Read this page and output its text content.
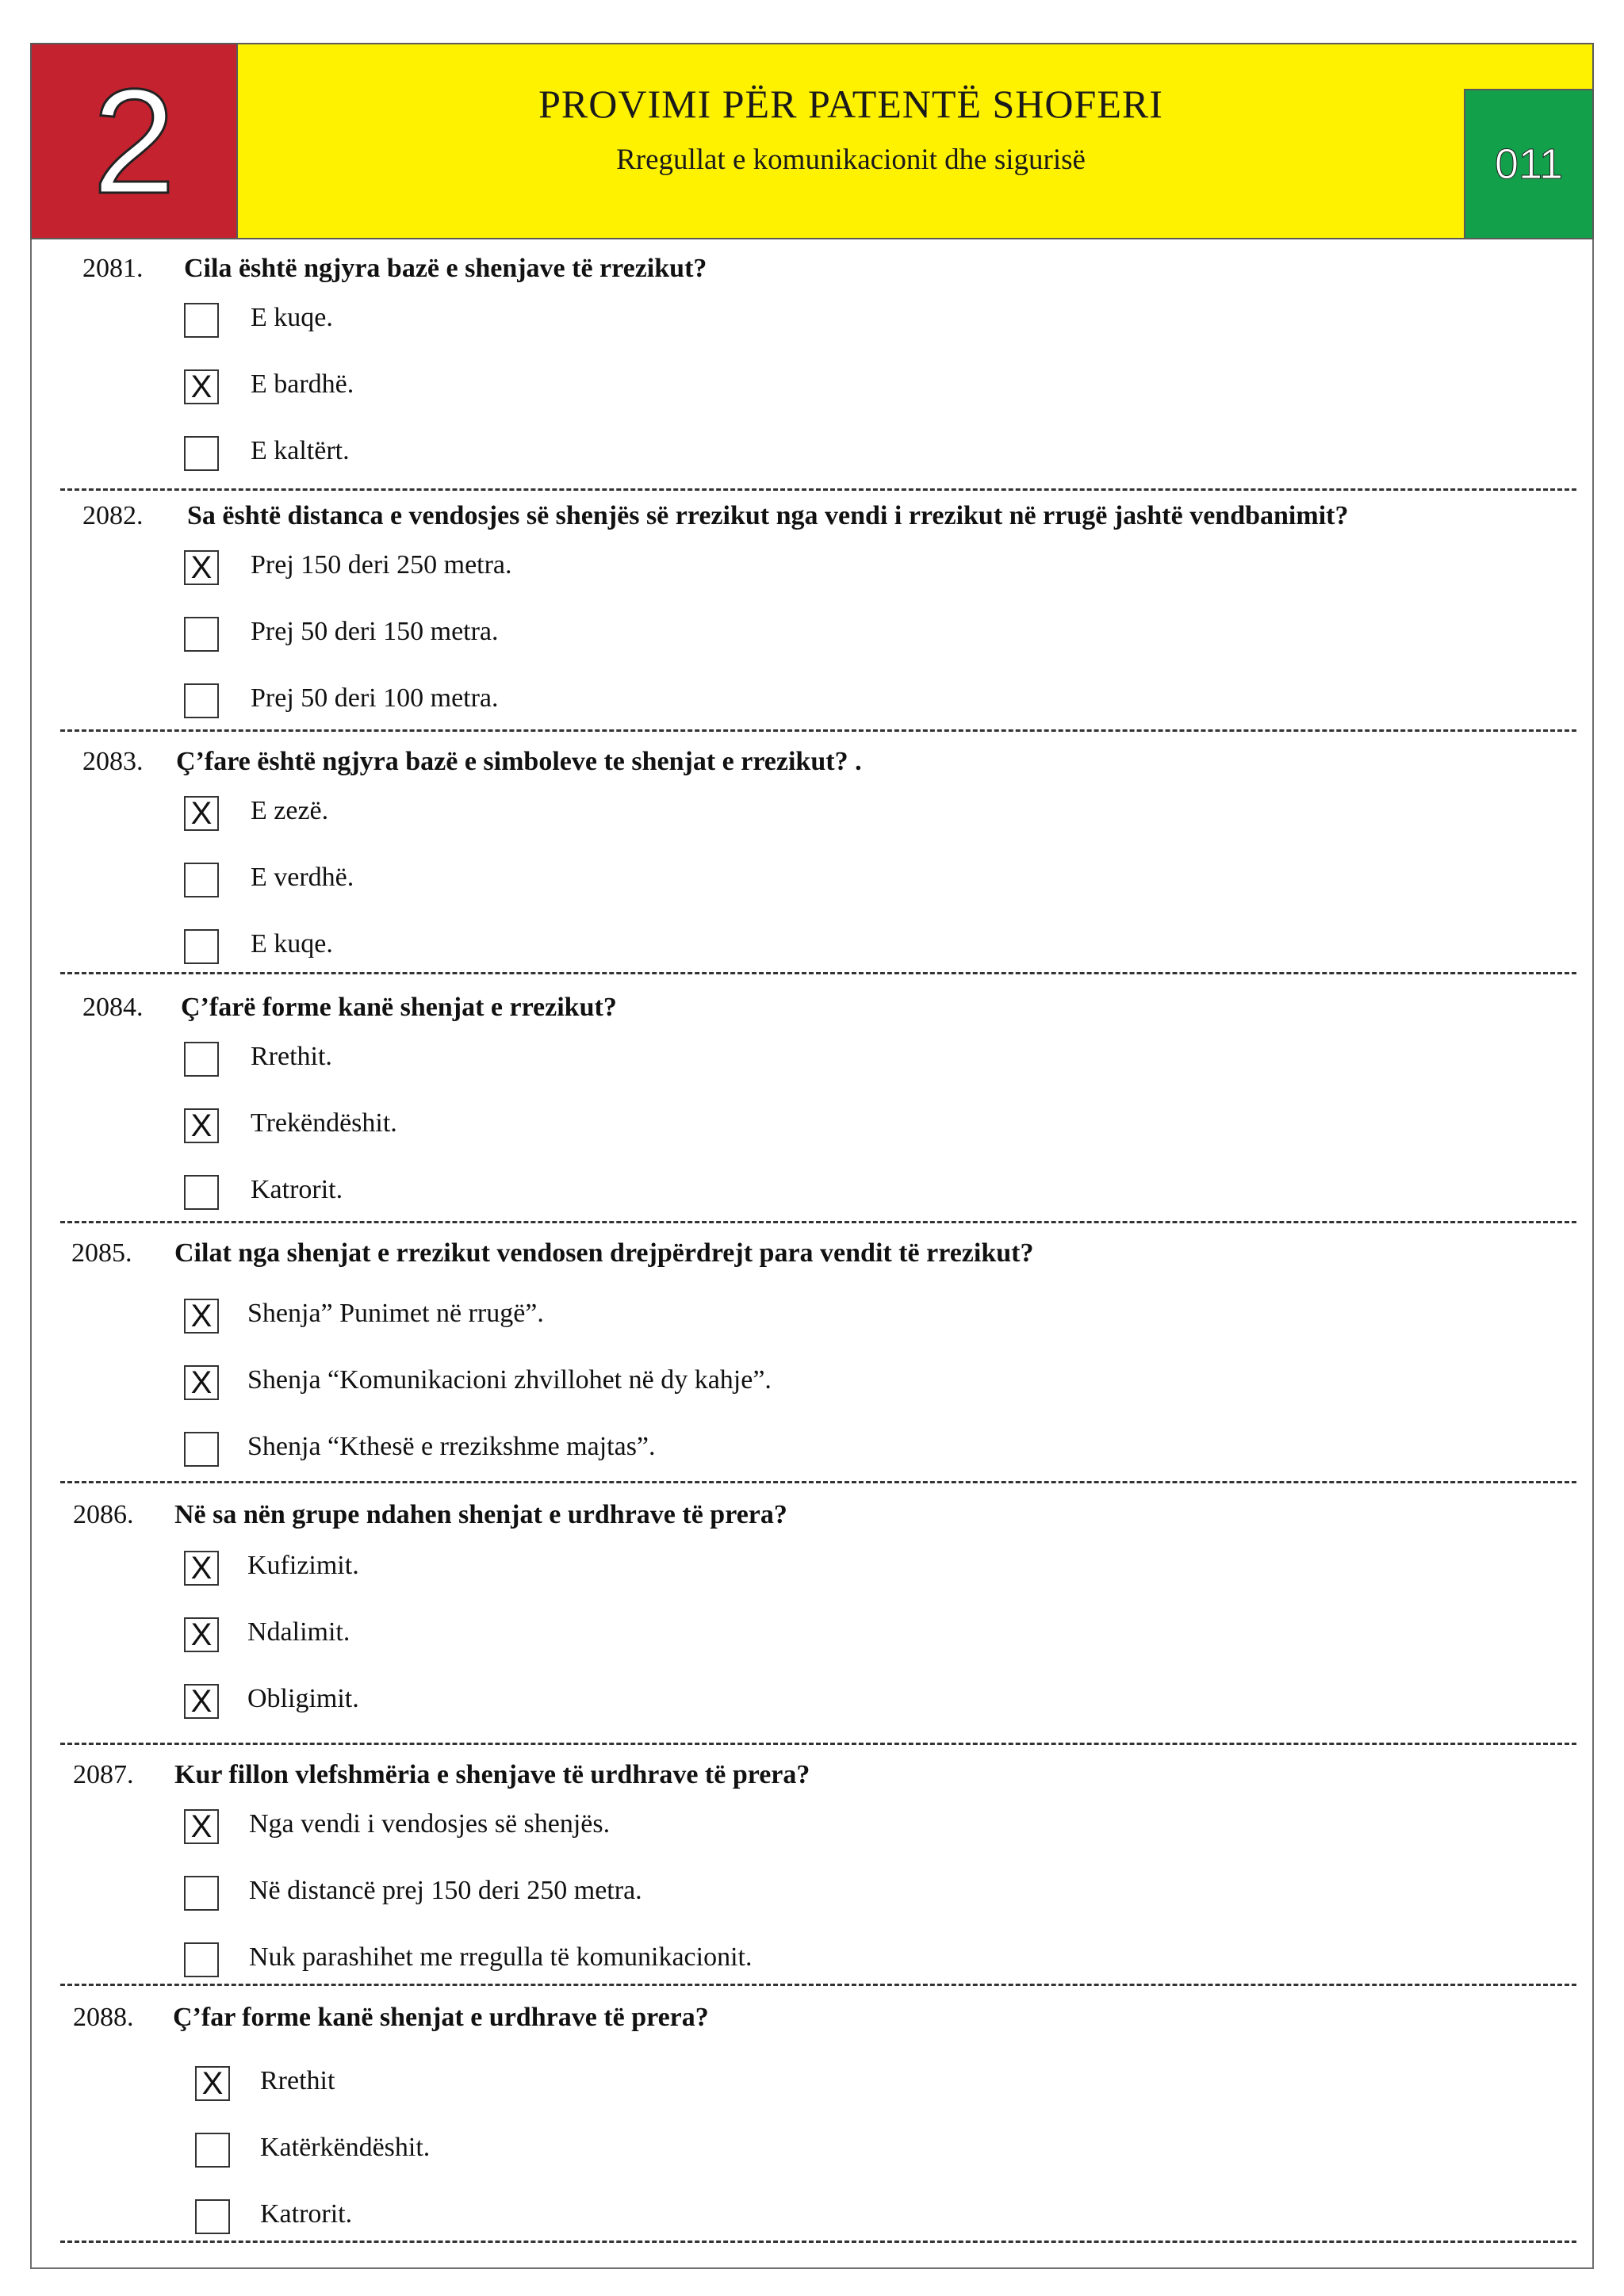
2	PROVIMI PËR PATENTË SHOFERI
Rregullat e komunikacionit dhe sigurisë	011
2081. Cila është ngjyra bazë e shenjave të rrezikut?
E kuqe.
X E bardhë.
E kaltërt.
2082. Sa është distanca e vendosjes së shenjës së rrezikut nga vendi i rrezikut në rrugë jashtë vendbanimit?
X Prej 150 deri 250 metra.
Prej 50 deri 150 metra.
Prej 50 deri 100 metra.
2083. Ç’fare është ngjyra bazë e simboleve te shenjat e rrezikut? .
X E zezë.
E verdhë.
E kuqe.
2084. Ç’farë forme kanë shenjat e rrezikut?
Rrethit.
X Trekëndëshit.
Katrorit.
2085. Cilat nga shenjat e rrezikut vendosen drejpërdrejt para vendit të rrezikut?
X Shenja” Punimet në rrugë”.
X Shenja “Komunikacioni zhvillohet në dy kahje”.
Shenja “Kthesë e rrezikshme majtas”.
2086. Në sa nën grupe ndahen shenjat e urdhrave të prera?
X Kufizimit.
X Ndalimit.
X Obligimit.
2087. Kur fillon vlefshmëria e shenjave të urdhrave të prera?
X Nga vendi i vendosjes së shenjës.
Në distancë prej 150 deri 250 metra.
Nuk parashihet me rregulla të komunikacionit.
2088. Ç’far forme kanë shenjat e urdhrave të prera?
X Rrethit
Katërkëndëshit.
Katrorit.
